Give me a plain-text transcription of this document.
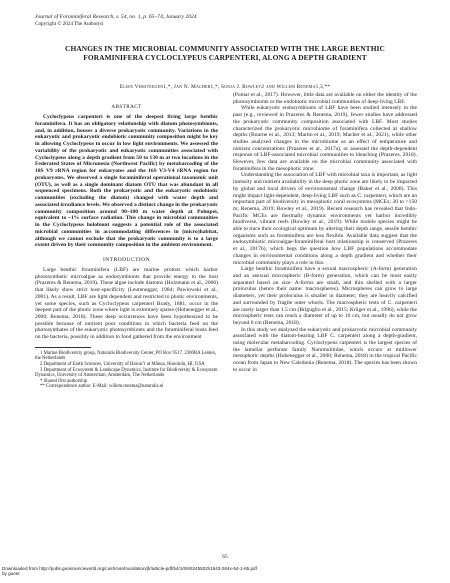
Journal of Foraminiferal Research, v. 54, no. 1, p. 65–74, January 2024
Copyright © 2024 The Author(s)
CHANGES IN THE MICROBIAL COMMUNITY ASSOCIATED WITH THE LARGE BENTHIC FORAMINIFERA CYCLOCLYPEUS CARPENTERI, ALONG A DEPTH GRADIENT
Elien Versteegen1,*, Jan N. Macher1,*, Sonja J. Rowley2 and Willem Renema1,3,**
ABSTRACT

Cycloclypeus carpenteri is one of the deepest living large benthic foraminifera. It has an obligatory relationship with diatom photosymbionts, and, in addition, houses a diverse prokaryotic community. Variations in the eukaryotic and prokaryotic endobiotic community composition might be key in allowing Cycloclypeus to occur in low light environments. We assessed the variability of the prokaryotic and eukaryotic communities associated with Cycloclypeus along a depth gradient from 50 to 130 m at two locations in the Federated States of Micronesia (Northwest Pacific) by metabarcoding of the 18S V9 rRNA region for eukaryotes and the 16S V3-V4 rRNA region for prokaryotes. We observed a single foraminiferal operational taxonomic unit (OTU), as well as a single dominant diatom OTU that was abundant in all sequenced specimens. Both the prokaryotic and the eukaryotic endobiotic communities (excluding the diatom) changed with water depth and associated irradiance levels. We observed a distinct change in the prokaryotic community composition around 90–100 m water depth at Pohnpei, equivalent to ~1% surface radiation. This change in microbial communities in the Cycloclypeus holobiont suggests a potential role of the associated microbial communities in accommodating differences in (micro)habitat, although we cannot exclude that the prokaryotic community is to a large extent driven by their community composition in the ambient environment.

INTRODUCTION

Large benthic foraminifera (LBF) are marine protists which harbor photosynthetic microalgae as endosymbionts that provide energy to the host (Prazeres & Renema, 2019). These algae include diatoms (Holzmann et al., 2006) that likely show strict host-specificity (Leutenegger, 1984; Pawlowski et al., 2001). As a result, LBF are light dependent and restricted to photic environments, yet some species, such as Cycloclypeus carpenteri Brady, 1881, occur in the deepest part of the photic zone where light is extremely sparse (Hohenegger et al., 2000; Renema, 2018). These deep occurrences have been hypothesized to be possible because of nutrient poor conditions in which bacteria feed on the photosynthates of the eukaryotic photosymbionts and the foraminiferal hosts feed on the bacteria, possibly in addition to food gathered from the environment

1 Marine Biodiversity group, Naturalis Biodiversity Center, PO Box 9517, 2300RA Leiden, the Netherlands

2 Department of Earth Sciences, University of Hawai’i at Mānoa, Honolulu, HI, USA

3 Department of Ecosystem & Landscape Dynamics, Institute for Biodiversity & Ecosystem Dynamics, University of Amsterdam, Amsterdam, The Netherlands

* Shared first authorship

** Correspondence author. E-Mail: willem.renema@naturalis.nl

(Pomar et al., 2017). However, little data are available on either the identity of the photosymbionts or the endobiotic microbial communities of deep-living LBF.

While eukaryotic endosymbionts of LBF have been studied intensely in the past (e.g., reviewed in Prazeres & Renema, 2019), fewer studies have addressed the prokaryotic community composition associated with LBF. Most studies characterized the prokaryotic microbiome of foraminifera collected at shallow depths (Bourne et al., 2013; Martin et al., 2019; Macher et al., 2021), while other studies analyzed changes in the microbiome as an effect of temperature and nutrient concentrations (Prazeres et al., 2017a), or assessed the depth-dependent response of LBF-associated microbial communities to bleaching (Prazeres, 2018). However, few data are available on the microbial community associated with foraminifera in the mesophotic zone.

Understanding the association of LBF with microbial taxa is important, as light intensity and nutrient availability in the deep photic zone are likely to be impacted by global and local drivers of environmental change (Baker et al., 2008). This might impact light-dependent, deep-living LBF such as C. carpenteri, which are an important part of biodiversity in mesophotic coral ecosystems (MCEs; 30 to >150 m; Renema, 2019; Rowley et al., 2019). Recent research has revealed that Indo-Pacific MCEs are thermally dynamic environments yet harbor incredibly biodiverse, vibrant reefs (Rowley et al., 2019). While mobile species might be able to trace their ecological optimum by altering their depth range, sessile benthic organisms such as foraminifera are less flexible. Available data suggest that the endosymbiotic microalgae-foraminiferal host relationship is conserved (Prazeres et al., 2017b), which begs the question how LBF populations accommodate changes in environmental conditions along a depth gradient and whether their microbial community plays a role in this.

Large benthic foraminifera have a sexual macrospheric (A-form) generation and an asexual microspheric (B-form) generation, which can be most easily separated based on size. A-forms are small, and thin shelled with a larger proloculus (hence their name: macrospheres). Microspheres can grow to large diameters, yet their proloculus is smaller in diameter; they are heavily calcified and surrounded by fragile outer whorls. The macrospheric tests of C. carpenteri are rarely larger than 1.5 cm (Briguglio et al., 2015; Krüger et al., 1996), while the microspheric tests can reach a diameter of up to 10 cm, but usually do not grow beyond 6 cm (Renema, 2018).

In this study we analyzed the eukaryotic and prokaryotic microbial community associated with the diatom-bearing LBF C. carpenteri along a depth-gradient, using molecular metabarcoding. Cycloclypeus carpenteri is the largest species of the lamellar perforate family Nummulitidae, which occurs at midlower mesophotic depths (Hohenegger et al., 2000; Renema, 2018) in the tropical Pacific ocean from Japan to New Caledonia (Renema, 2018). The species has been shown to occur in

65
Downloaded from http://pubs.geoscienceworld.org/cushmanfoundation/jfr/article-pdf/54/1/65/6245502/i1943-264x-54-1-65.pdf
by guest
